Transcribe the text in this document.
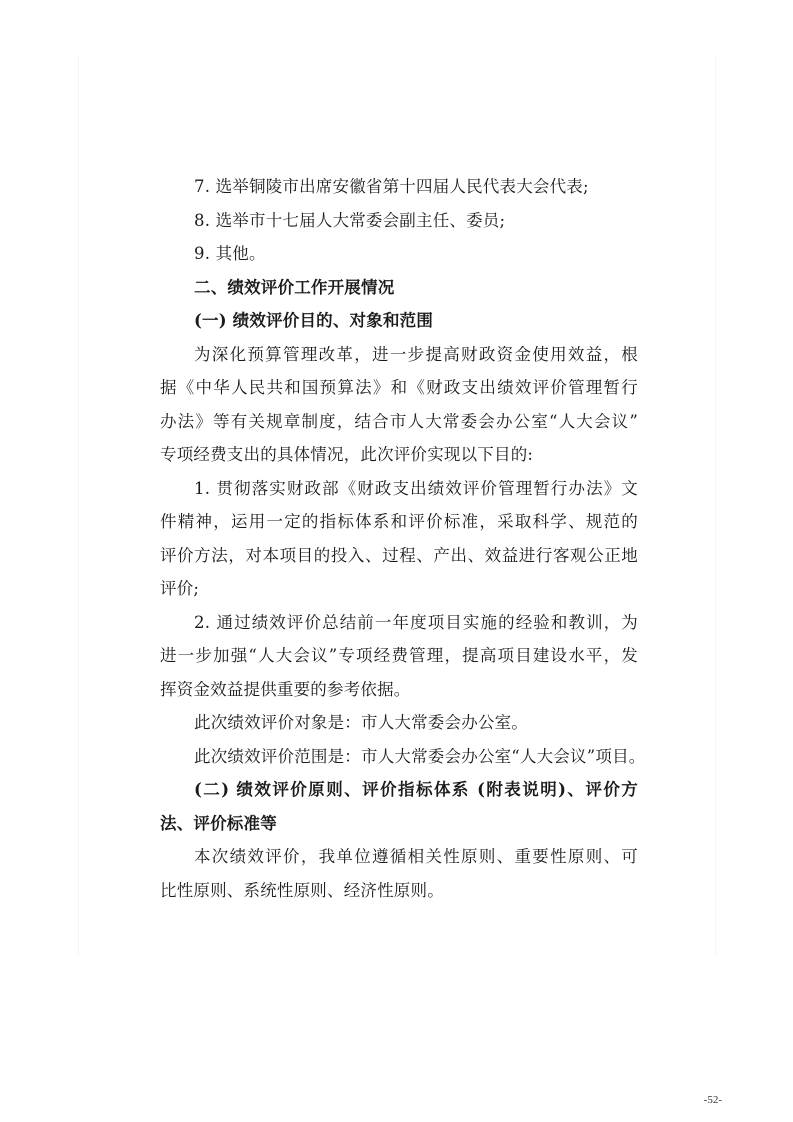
7. 选举铜陵市出席安徽省第十四届人民代表大会代表;

8. 选举市十七届人大常委会副主任、委员;

9. 其他。

二、绩效评价工作开展情况

(一) 绩效评价目的、对象和范围

为深化预算管理改革，进一步提高财政资金使用效益，根

据《中华人民共和国预算法》和《财政支出绩效评价管理暂行

办法》等有关规章制度，结合市人大常委会办公室“人大会议”

专项经费支出的具体情况，此次评价实现以下目的:

1. 贯彻落实财政部《财政支出绩效评价管理暂行办法》文

件精神，运用一定的指标体系和评价标准，采取科学、规范的

评价方法，对本项目的投入、过程、产出、效益进行客观公正地

评价;

2. 通过绩效评价总结前一年度项目实施的经验和教训，为

进一步加强“人大会议”专项经费管理，提高项目建设水平，发

挥资金效益提供重要的参考依据。

此次绩效评价对象是：市人大常委会办公室。

此次绩效评价范围是：市人大常委会办公室“人大会议”项目。

(二) 绩效评价原则、评价指标体系 (附表说明)、评价方

法、评价标准等

本次绩效评价，我单位遵循相关性原则、重要性原则、可

比性原则、系统性原则、经济性原则。

-52-
